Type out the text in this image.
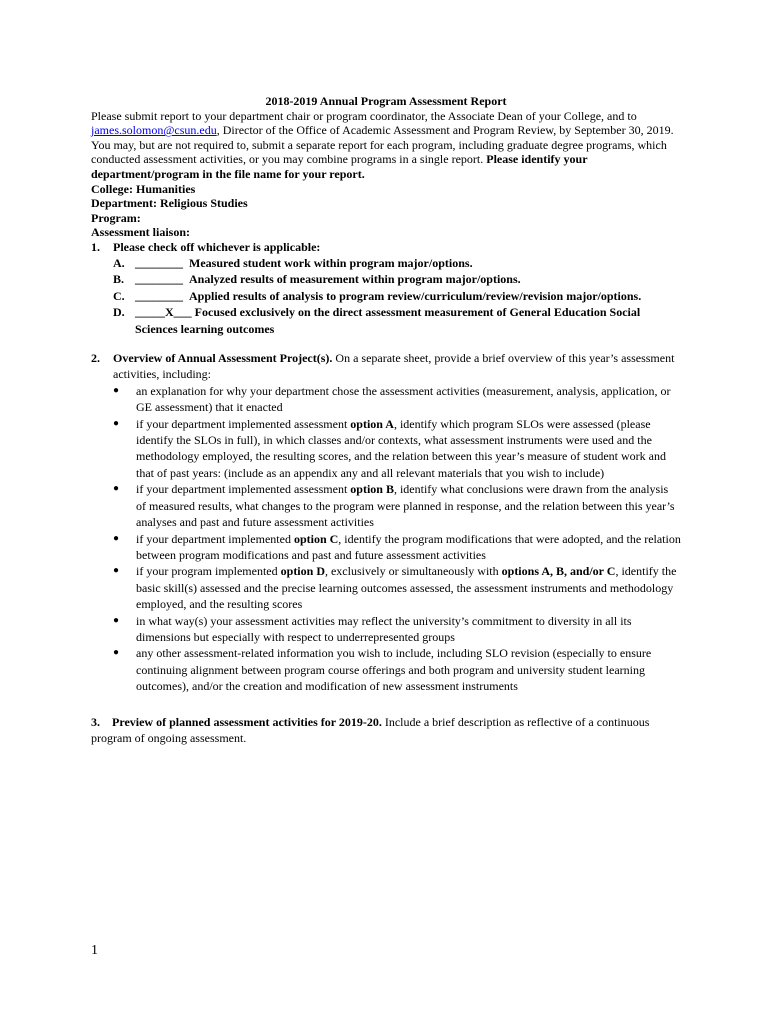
2018-2019 Annual Program Assessment Report
Please submit report to your department chair or program coordinator, the Associate Dean of your College, and to james.solomon@csun.edu, Director of the Office of Academic Assessment and Program Review, by September 30, 2019. You may, but are not required to, submit a separate report for each program, including graduate degree programs, which conducted assessment activities, or you may combine programs in a single report. Please identify your department/program in the file name for your report.
College: Humanities
Department: Religious Studies
Program:
Assessment liaison:
1.	Please check off whichever is applicable:
A. ________ Measured student work within program major/options.
B. ________ Analyzed results of measurement within program major/options.
C. ________ Applied results of analysis to program review/curriculum/review/revision major/options.
D. _____X___ Focused exclusively on the direct assessment measurement of General Education Social Sciences learning outcomes
2.	Overview of Annual Assessment Project(s). On a separate sheet, provide a brief overview of this year’s assessment activities, including:
●	an explanation for why your department chose the assessment activities (measurement, analysis, application, or GE assessment) that it enacted
●	if your department implemented assessment option A, identify which program SLOs were assessed (please identify the SLOs in full), in which classes and/or contexts, what assessment instruments were used and the methodology employed, the resulting scores, and the relation between this year’s measure of student work and that of past years: (include as an appendix any and all relevant materials that you wish to include)
●	if your department implemented assessment option B, identify what conclusions were drawn from the analysis of measured results, what changes to the program were planned in response, and the relation between this year’s analyses and past and future assessment activities
●	if your department implemented option C, identify the program modifications that were adopted, and the relation between program modifications and past and future assessment activities
●	if your program implemented option D, exclusively or simultaneously with options A, B, and/or C, identify the basic skill(s) assessed and the precise learning outcomes assessed, the assessment instruments and methodology employed, and the resulting scores
●	in what way(s) your assessment activities may reflect the university’s commitment to diversity in all its dimensions but especially with respect to underrepresented groups
●	any other assessment-related information you wish to include, including SLO revision (especially to ensure continuing alignment between program course offerings and both program and university student learning outcomes), and/or the creation and modification of new assessment instruments
3. Preview of planned assessment activities for 2019-20. Include a brief description as reflective of a continuous program of ongoing assessment.
1
